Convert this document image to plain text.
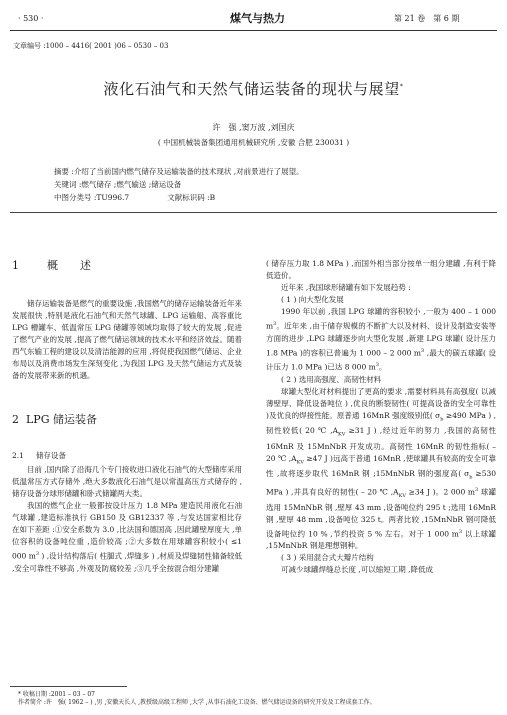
· 530 ·	煤气与热力	第 21 卷　第 6 期
文章编号 :1000 – 4416( 2001 )06 – 0530 – 03
液化石油气和天然气储运装备的现状与展望*
许　强 ,窦万波 ,刘国庆
( 中国机械装备集团通用机械研究所 ,安徽 合肥 230031 )
摘要 :介绍了当前国内燃气储存及运输装备的技术现状 ,对前景进行了展望。
关键词 :燃气储存 ;燃气输送 ;储运设备
中图分类号 :TU996.7	文献标识码 :B
1	概　　述

储存运输装备是燃气的重要设施 ,我国燃气的储存运输装备近年来发展很快 ,特别是液化石油气和天然气球罐、LPG 运输船、高容重比 LPG 槽罐车、低温常压 LPG 储罐等领域均取得了较大的发展 ,促进了燃气产业的发展 ,提高了燃气储运领域的技术水平和经济效益。随着西气东输工程的建设以及清洁能源的应用 ,将促使我国燃气储运、企业布局以及消费市场发生深刻变化 ,为我国 LPG 及天然气储运方式及装备的发展带来新的机遇。

2 LPG 储运装备
2.1 储存设备

目前 ,国内除了沿海几个专门接收进口液化石油气的大型储库采用低温常压方式存储外 ,绝大多数液化石油气是以常温高压方式储存的 ,储存设备分球形储罐和卧式储罐两大类。

我国的燃气企业一般都按设计压力 1.8 MPa 建造民用液化石油气球罐 ,建造标准执行 GB150 及 GB12337 等 ,与发达国家相比存在如下差距 :①安全系数为 3.0 ,比法国和德国高 ,因此罐壁厚度大 ,单位容积的设备吨位重 ,造价较高 ;②大多数在用球罐容积较小( ≤1 000 $m^3$ ) ,设计结构落后( 柱腿式 ,焊缝多 ) ,材质及焊缝韧性储备较低 ,安全可靠性不够高 ,外观及防腐较差 ;③几乎全按混合组分建罐

( 储存压力取 1.8 MPa ) ,而国外相当部分按单一组分建罐 ,有利于降低造价。

近年来 ,我国球形储罐有如下发展趋势 :

( 1 ) 向大型化发展

1990 年以前 ,我国 LPG 球罐的容积较小 ,一般为 400 – 1 000 $m^3$。近年来 ,由于储存规模的不断扩大以及材料、设计及制造安装等方面的进步 ,LPG 球罐逐步向大型化发展 ,新建 LPG 球罐( 设计压力 1.8 MPa )的容积已普遍为 1 000 – 2 000 $m^3$ ,最大的碳五球罐( 设计压力 1.0 MPa )已达 8 000 $m^3$。

( 2 ) 选用高强度、高韧性材料

球罐大型化对材料提出了更高的要求 ,需要材料具有高强度( 以减薄壁厚、降低设备吨位 ) ,优良的断裂韧性( 可提高设备的安全可靠性 )及优良的焊接性能。原普通 16MnR 强度级别低( $\sigma_b \ge 490$ MPa ) ,韧性较低( 20 ℃ $,A_{KV} \ge 31$ J ) ,经过近年的努力 ,我国的高韧性 16MnR 及 15MnNbR 开发成功。高韧性 16MnR 的韧性指标( – 20 ℃ $,A_{KV} \ge 47$ J )远高于普通 16MnR ,使球罐具有较高的安全可靠性 ,故将逐步取代 16MnR 钢 ;15MnNbR 钢的强度高( $\sigma_b \ge 530$ MPa ) ,并具有良好的韧性( – 20 ℃ $,A_{KV} \ge 34$ J )。2 000 $m^3$ 球罐选用 15MnNbR 钢 ,壁厚 43 mm ,设备吨位约 295 t ;选用 16MnR 钢 ,壁厚 48 mm ,设备吨位 325 t。两者比较 ,15MnNbR 钢可降低设备吨位约 10 % ,节约投资 5 % 左右。对于 1 000 $m^3$ 以上球罐 ,15MnNbR 钢是理想钢种。

( 3 ) 采用混合式大瓣片结构

可减少球罐焊缝总长度 ,可以缩短工期 ,降低成

* 收稿日期 :2001 – 03 – 07
作者简介 :许　强( 1962 – ) ,男 ,安徽天长人 ,教授级高级工程师 ,大学 ,从事石油化工设备、燃气储运设备的研究开发及工程成套工作。
